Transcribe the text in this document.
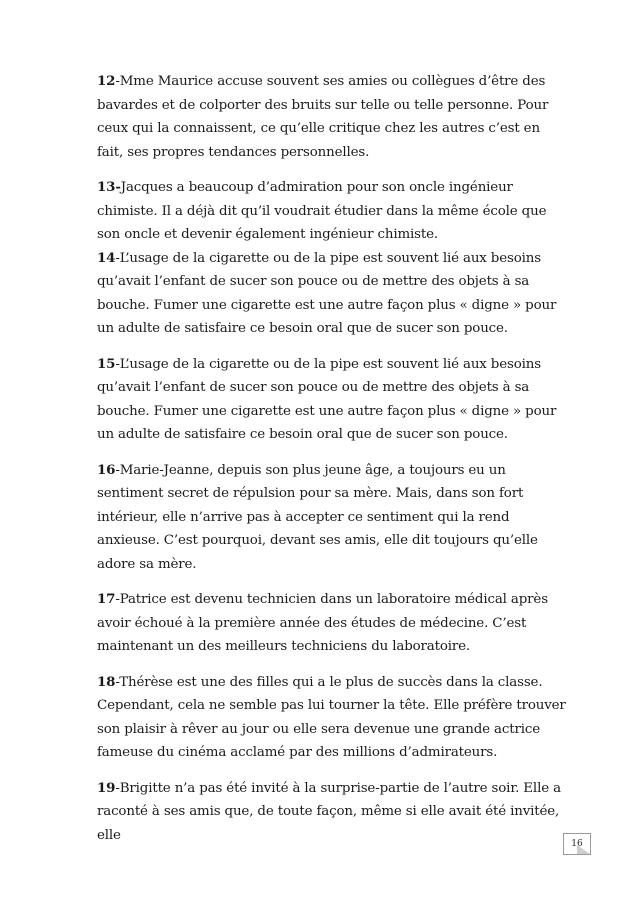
12-Mme Maurice accuse souvent ses amies ou collègues d’être des bavardes et de colporter des bruits sur telle ou telle personne. Pour ceux qui la connaissent, ce qu’elle critique chez les autres c’est en fait, ses propres tendances personnelles.

13-Jacques a beaucoup d’admiration pour son oncle ingénieur chimiste. Il a déjà dit qu’il voudrait étudier dans la même école que son oncle et devenir également ingénieur chimiste.

14-L’usage de la cigarette ou de la pipe est souvent lié aux besoins qu’avait l’enfant de sucer son pouce ou de mettre des objets à sa bouche. Fumer une cigarette est une autre façon plus « digne » pour un adulte de satisfaire ce besoin oral que de sucer son pouce.

15-L’usage de la cigarette ou de la pipe est souvent lié aux besoins qu’avait l’enfant de sucer son pouce ou de mettre des objets à sa bouche. Fumer une cigarette est une autre façon plus « digne » pour un adulte de satisfaire ce besoin oral que de sucer son pouce.

16-Marie-Jeanne, depuis son plus jeune âge, a toujours eu un sentiment secret de répulsion pour sa mère. Mais, dans son fort intérieur, elle n’arrive pas à accepter ce sentiment qui la rend anxieuse. C’est pourquoi, devant ses amis, elle dit toujours qu’elle adore sa mère.

17-Patrice est devenu technicien dans un laboratoire médical après avoir échoué à la première année des études de médecine. C’est maintenant un des meilleurs techniciens du laboratoire.

18-Thérèse est une des filles qui a le plus de succès dans la classe. Cependant, cela ne semble pas lui tourner la tête. Elle préfère trouver son plaisir à rêver au jour ou elle sera devenue une grande actrice fameuse du cinéma acclamé par des millions d’admirateurs.

19-Brigitte n’a pas été invité à la surprise-partie de l’autre soir. Elle a raconté à ses amis que, de toute façon, même si elle avait été invitée, elle

16
